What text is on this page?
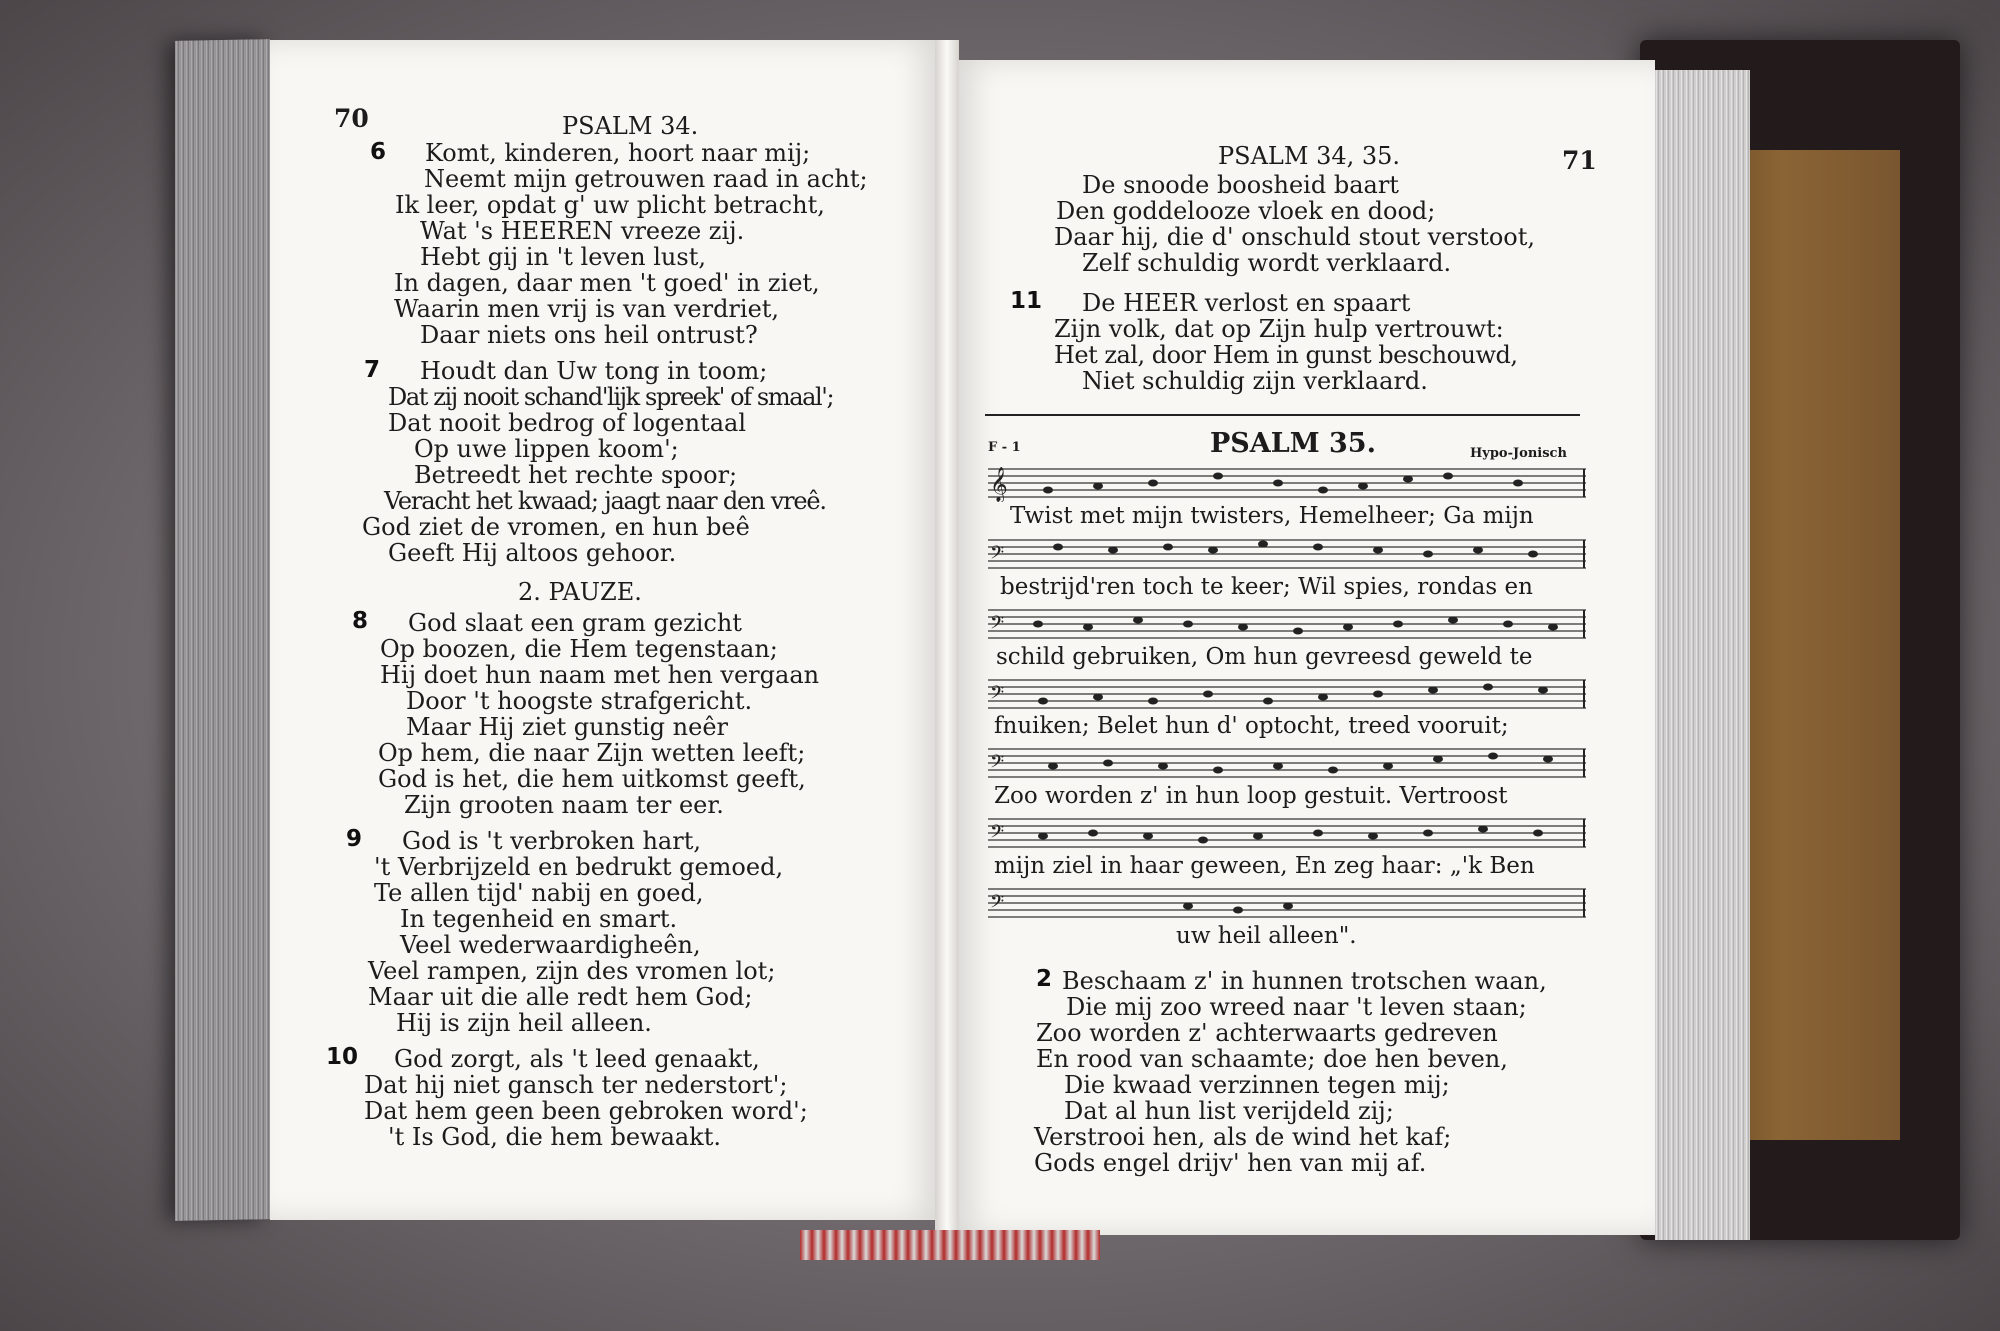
70	PSALM 34.
6 Komt, kinderen, hoort naar mij;
Neemt mijn getrouwen raad in acht;
Ik leer, opdat g' uw plicht betracht,
Wat 's HEEREN vreeze zij.
Hebt gij in 't leven lust,
In dagen, daar men 't goed' in ziet,
Waarin men vrij is van verdriet,
Daar niets ons heil ontrust?
7 Houdt dan Uw tong in toom;
Dat zij nooit schand'lijk spreek' of smaal';
Dat nooit bedrog of logentaal
Op uwe lippen koom';
Betreedt het rechte spoor;
Veracht het kwaad; jaagt naar den vreê.
God ziet de vromen, en hun beê
Geeft Hij altoos gehoor.
2. PAUZE.
8 God slaat een gram gezicht
Op boozen, die Hem tegenstaan;
Hij doet hun naam met hen vergaan
Door 't hoogste strafgericht.
Maar Hij ziet gunstig neêr
Op hem, die naar Zijn wetten leeft;
God is het, die hem uitkomst geeft,
Zijn grooten naam ter eer.
9 God is 't verbroken hart,
't Verbrijzeld en bedrukt gemoed,
Te allen tijd' nabij en goed,
In tegenheid en smart.
Veel wederwaardigheên,
Veel rampen, zijn des vromen lot;
Maar uit die alle redt hem God;
Hij is zijn heil alleen.
10 God zorgt, als 't leed genaakt,
Dat hij niet gansch ter nederstort';
Dat hem geen been gebroken word';
't Is God, die hem bewaakt.
PSALM 34, 35.	71
De snoode boosheid baart
Den goddelooze vloek en dood;
Daar hij, die d' onschuld stout verstoot,
Zelf schuldig wordt verklaard.
11 De HEER verlost en spaart
Zijn volk, dat op Zijn hulp vertrouwt:
Het zal, door Hem in gunst beschouwd,
Niet schuldig zijn verklaard.
F - 1	PSALM 35.	Hypo-Jonisch
𝄞
Twist met mijn twisters, Hemelheer; Ga mijn
𝄢
bestrijd'ren toch te keer; Wil spies, rondas en
𝄢
schild gebruiken, Om hun gevreesd geweld te
𝄢
fnuiken; Belet hun d' optocht, treed vooruit;
𝄢
Zoo worden z' in hun loop gestuit. Vertroost
𝄢
mijn ziel in haar geween, En zeg haar: „'k Ben
𝄢
uw heil alleen".
2 Beschaam z' in hunnen trotschen waan,
Die mij zoo wreed naar 't leven staan;
Zoo worden z' achterwaarts gedreven
En rood van schaamte; doe hen beven,
Die kwaad verzinnen tegen mij;
Dat al hun list verijdeld zij;
Verstrooi hen, als de wind het kaf;
Gods engel drijv' hen van mij af.
